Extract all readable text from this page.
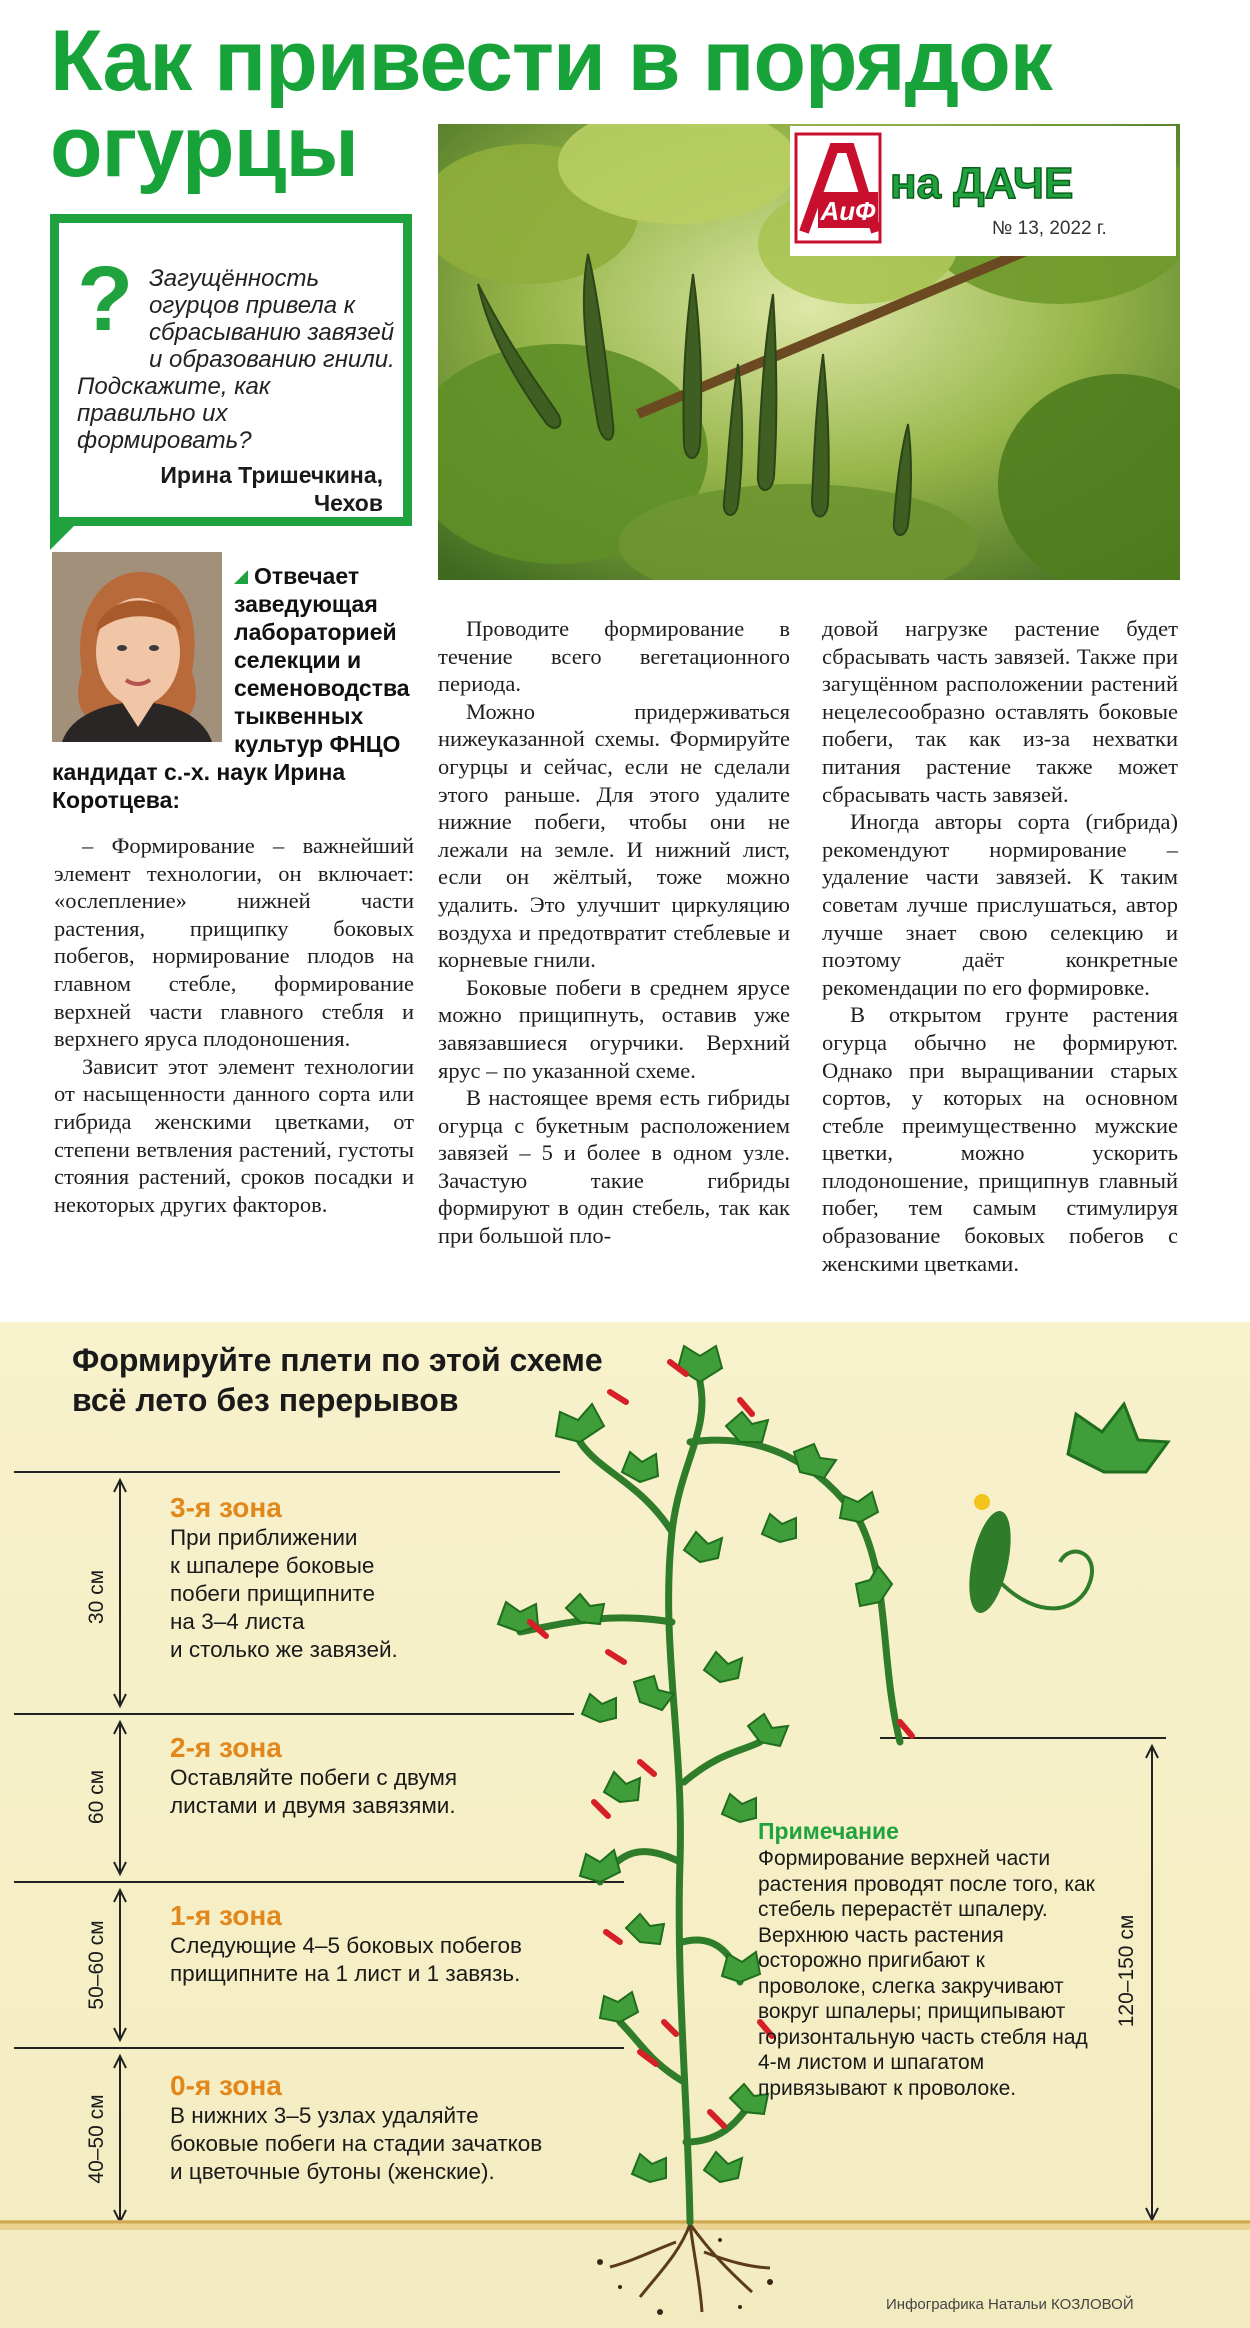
Как привести в порядок
огурцы
? Загущённость огурцов привела к сбрасыванию завязей и образованию гнили. Подскажите, как правильно их формировать?
Ирина Тришечкина,
Чехов
АиФ
на ДАЧЕ
№ 13, 2022 г.
Отвечает заведующая лабораторией селекции и семеноводства тыквенных культур ФНЦО кандидат с.-х. наук Ирина Коротцева:

– Формирование – важнейший элемент технологии, он включает: «ослепление» нижней части растения, прищипку боковых побегов, нормирование плодов на главном стебле, формирование верхней части главного стебля и верхнего яруса плодоношения.

Зависит этот элемент технологии от насыщенности данного сорта или гибрида женскими цветками, от степени ветвления растений, густоты стояния растений, сроков посадки и некоторых других факторов.

Проводите формирование в течение всего вегетационного периода.

Можно придерживаться нижеуказанной схемы. Формируйте огурцы и сейчас, если не сделали этого раньше. Для этого удалите нижние побеги, чтобы они не лежали на земле. И нижний лист, если он жёлтый, тоже можно удалить. Это улучшит циркуляцию воздуха и предотвратит стеблевые и корневые гнили.

Боковые побеги в среднем ярусе можно прищипнуть, оставив уже завязавшиеся огурчики. Верхний ярус – по указанной схеме.

В настоящее время есть гибриды огурца с букетным расположением завязей – 5 и более в одном узле. Зачастую такие гибриды формируют в один стебель, так как при большой пло-

довой нагрузке растение будет сбрасывать часть завязей. Также при загущённом расположении растений нецелесообразно оставлять боковые побеги, так как из-за нехватки питания растение также может сбрасывать часть завязей.

Иногда авторы сорта (гибрида) рекомендуют нормирование – удаление части завязей. К таким советам лучше прислушаться, автор лучше знает свою селекцию и поэтому даёт конкретные рекомендации по его формировке.

В открытом грунте растения огурца обычно не формируют. Однако при выращивании старых сортов, у которых на основном стебле преимущественно мужские цветки, можно ускорить плодоношение, прищипнув главный побег, тем самым стимулируя образование боковых побегов с женскими цветками.

Формируйте плети по этой схеме
всё лето без перерывов
3-я зона
При приближении
к шпалере боковые
побеги прищипните
на 3–4 листа
и столько же завязей.
2-я зона
Оставляйте побеги с двумя
листами и двумя завязями.
1-я зона
Следующие 4–5 боковых побегов
прищипните на 1 лист и 1 завязь.
0-я зона
В нижних 3–5 узлах удаляйте
боковые побеги на стадии зачатков
и цветочные бутоны (женские).
30 см
60 см
50–60 см
40–50 см
120–150 см
Примечание
Формирование верхней части растения проводят после того, как стебель перерастёт шпалеру. Верхнюю часть растения осторожно пригибают к проволоке, слегка закручивают вокруг шпалеры; прищипывают горизонтальную часть стебля над 4-м листом и шпагатом привязывают к проволоке.
Инфографика Натальи КОЗЛОВОЙ
